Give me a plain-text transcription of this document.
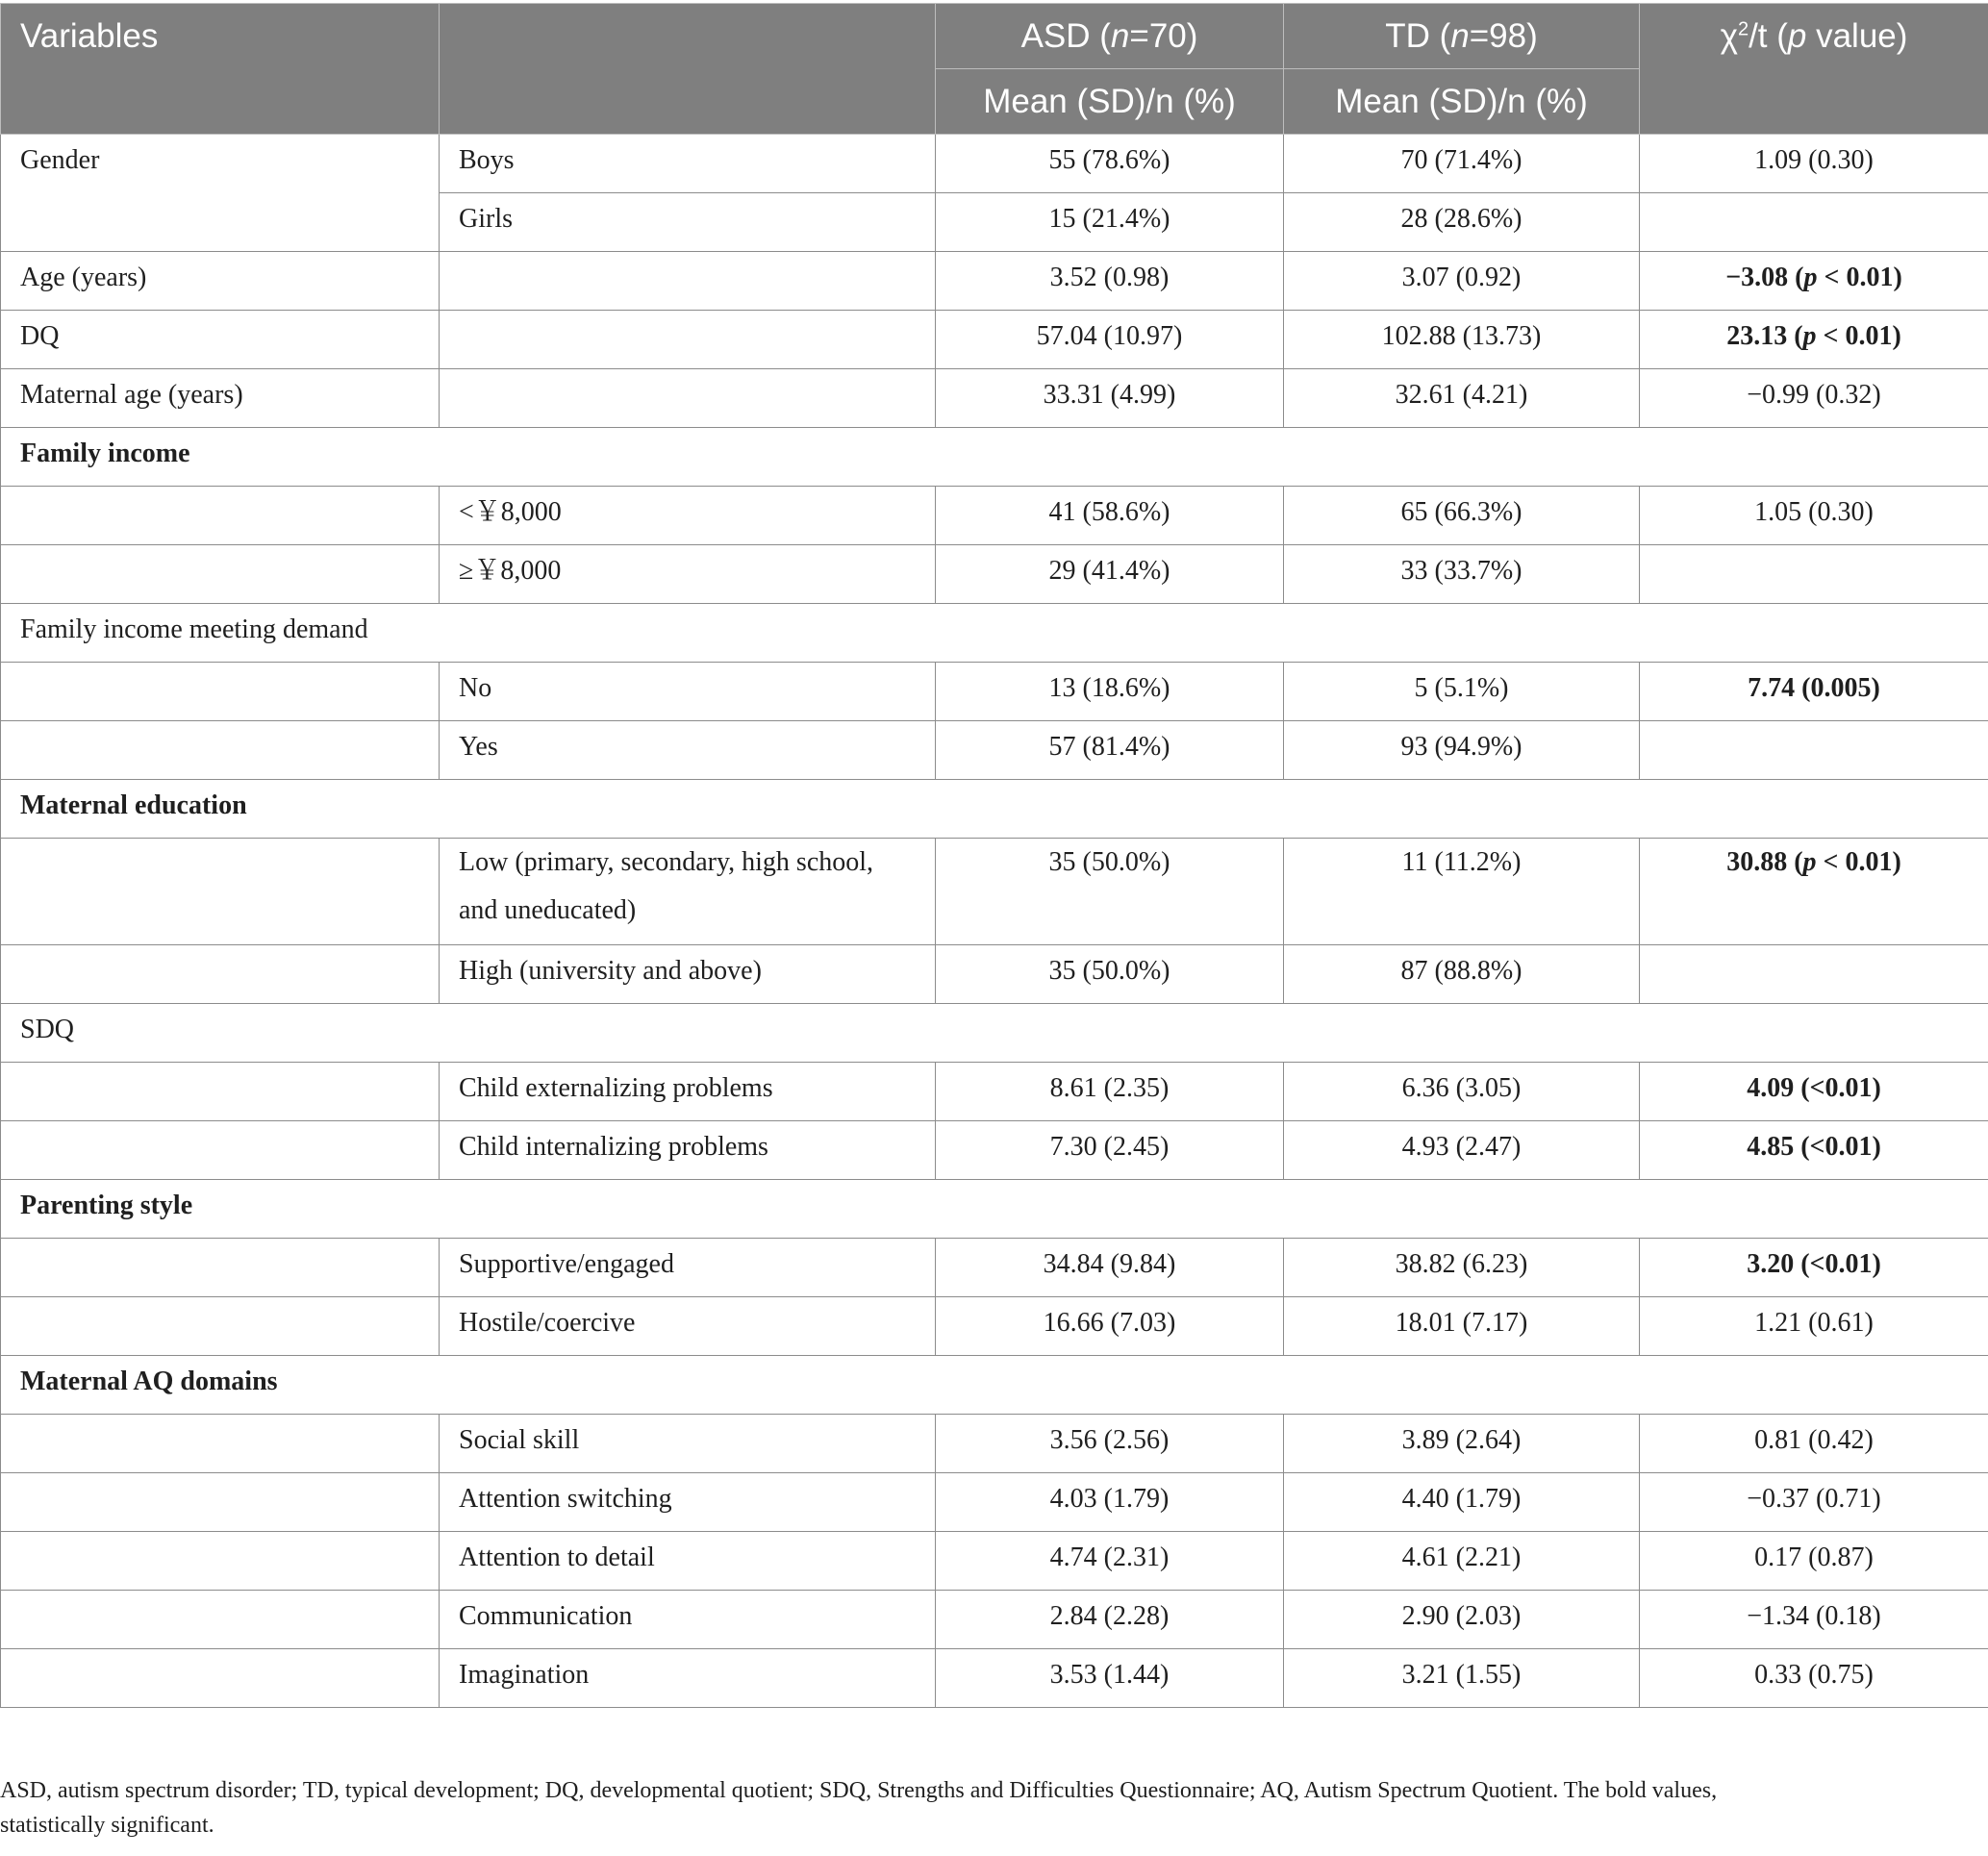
Variables		ASD (n=70)	TD (n=98)	$\chi^2/t$ (p value)
		Mean (SD)/n (%)	Mean (SD)/n (%)	
Gender	Boys	55 (78.6%)	70 (71.4%)	1.09 (0.30)
	Girls	15 (21.4%)	28 (28.6%)	
Age (years)		3.52 (0.98)	3.07 (0.92)	−3.08 (p < 0.01)
DQ		57.04 (10.97)	102.88 (13.73)	23.13 (p < 0.01)
Maternal age (years)		33.31 (4.99)	32.61 (4.21)	−0.99 (0.32)
Family income				
	<￥8,000	41 (58.6%)	65 (66.3%)	1.05 (0.30)
	≥￥8,000	29 (41.4%)	33 (33.7%)	
Family income meeting demand				
	No	13 (18.6%)	5 (5.1%)	7.74 (0.005)
	Yes	57 (81.4%)	93 (94.9%)	
Maternal education				
	Low (primary, secondary, high school,
and uneducated)	35 (50.0%)	11 (11.2%)	30.88 (p < 0.01)
	High (university and above)	35 (50.0%)	87 (88.8%)	
SDQ				
	Child externalizing problems	8.61 (2.35)	6.36 (3.05)	4.09 (<0.01)
	Child internalizing problems	7.30 (2.45)	4.93 (2.47)	4.85 (<0.01)
Parenting style				
	Supportive/engaged	34.84 (9.84)	38.82 (6.23)	3.20 (<0.01)
	Hostile/coercive	16.66 (7.03)	18.01 (7.17)	1.21 (0.61)
Maternal AQ domains				
	Social skill	3.56 (2.56)	3.89 (2.64)	0.81 (0.42)
	Attention switching	4.03 (1.79)	4.40 (1.79)	−0.37 (0.71)
	Attention to detail	4.74 (2.31)	4.61 (2.21)	0.17 (0.87)
	Communication	2.84 (2.28)	2.90 (2.03)	−1.34 (0.18)
	Imagination	3.53 (1.44)	3.21 (1.55)	0.33 (0.75)
ASD, autism spectrum disorder; TD, typical development; DQ, developmental quotient; SDQ, Strengths and Difficulties Questionnaire; AQ, Autism Spectrum Quotient. The bold values,
statistically significant.
